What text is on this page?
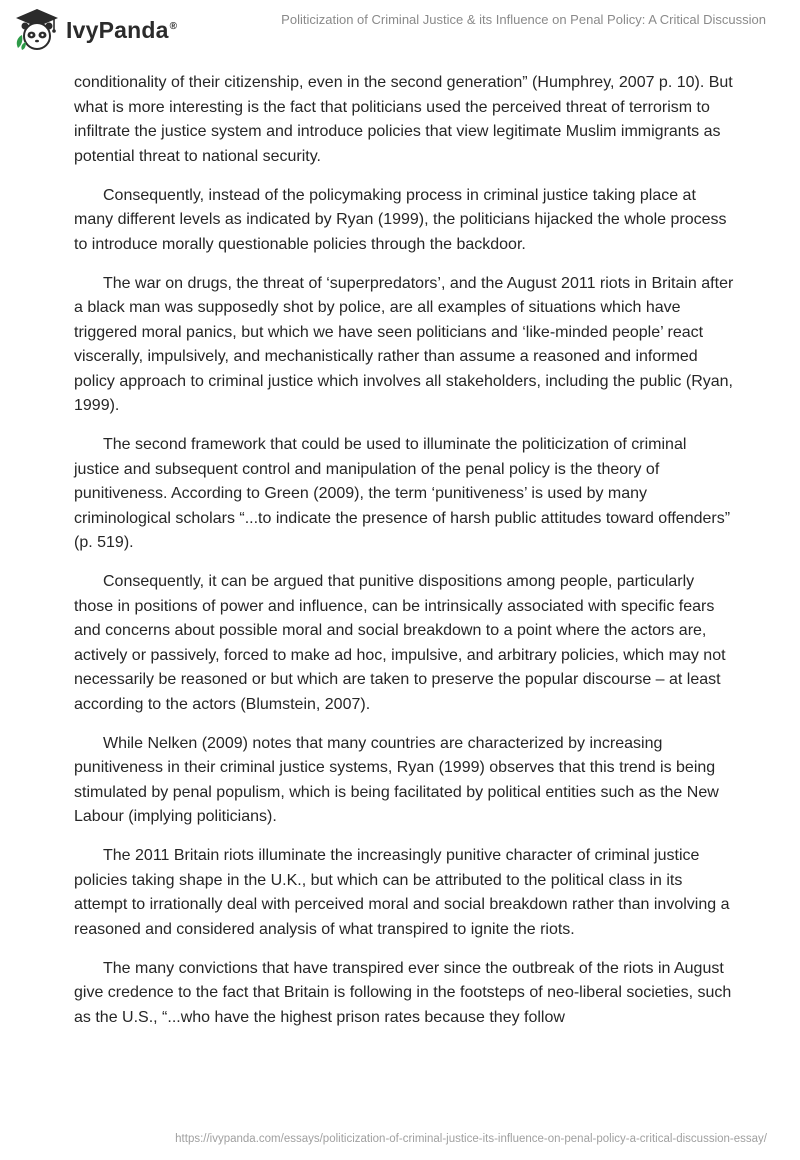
IvyPanda®	Politicization of Criminal Justice & its Influence on Penal Policy: A Critical Discussion

conditionality of their citizenship, even in the second generation” (Humphrey, 2007 p. 10). But what is more interesting is the fact that politicians used the perceived threat of terrorism to infiltrate the justice system and introduce policies that view legitimate Muslim immigrants as potential threat to national security.

Consequently, instead of the policymaking process in criminal justice taking place at many different levels as indicated by Ryan (1999), the politicians hijacked the whole process to introduce morally questionable policies through the backdoor.

The war on drugs, the threat of ‘superpredators’, and the August 2011 riots in Britain after a black man was supposedly shot by police, are all examples of situations which have triggered moral panics, but which we have seen politicians and ‘like-minded people’ react viscerally, impulsively, and mechanistically rather than assume a reasoned and informed policy approach to criminal justice which involves all stakeholders, including the public (Ryan, 1999).

The second framework that could be used to illuminate the politicization of criminal justice and subsequent control and manipulation of the penal policy is the theory of punitiveness. According to Green (2009), the term ‘punitiveness’ is used by many criminological scholars “...to indicate the presence of harsh public attitudes toward offenders” (p. 519).

Consequently, it can be argued that punitive dispositions among people, particularly those in positions of power and influence, can be intrinsically associated with specific fears and concerns about possible moral and social breakdown to a point where the actors are, actively or passively, forced to make ad hoc, impulsive, and arbitrary policies, which may not necessarily be reasoned or but which are taken to preserve the popular discourse – at least according to the actors (Blumstein, 2007).

While Nelken (2009) notes that many countries are characterized by increasing punitiveness in their criminal justice systems, Ryan (1999) observes that this trend is being stimulated by penal populism, which is being facilitated by political entities such as the New Labour (implying politicians).

The 2011 Britain riots illuminate the increasingly punitive character of criminal justice policies taking shape in the U.K., but which can be attributed to the political class in its attempt to irrationally deal with perceived moral and social breakdown rather than involving a reasoned and considered analysis of what transpired to ignite the riots.

The many convictions that have transpired ever since the outbreak of the riots in August give credence to the fact that Britain is following in the footsteps of neo-liberal societies, such as the U.S., “...who have the highest prison rates because they follow

https://ivypanda.com/essays/politicization-of-criminal-justice-its-influence-on-penal-policy-a-critical-discussion-essay/
